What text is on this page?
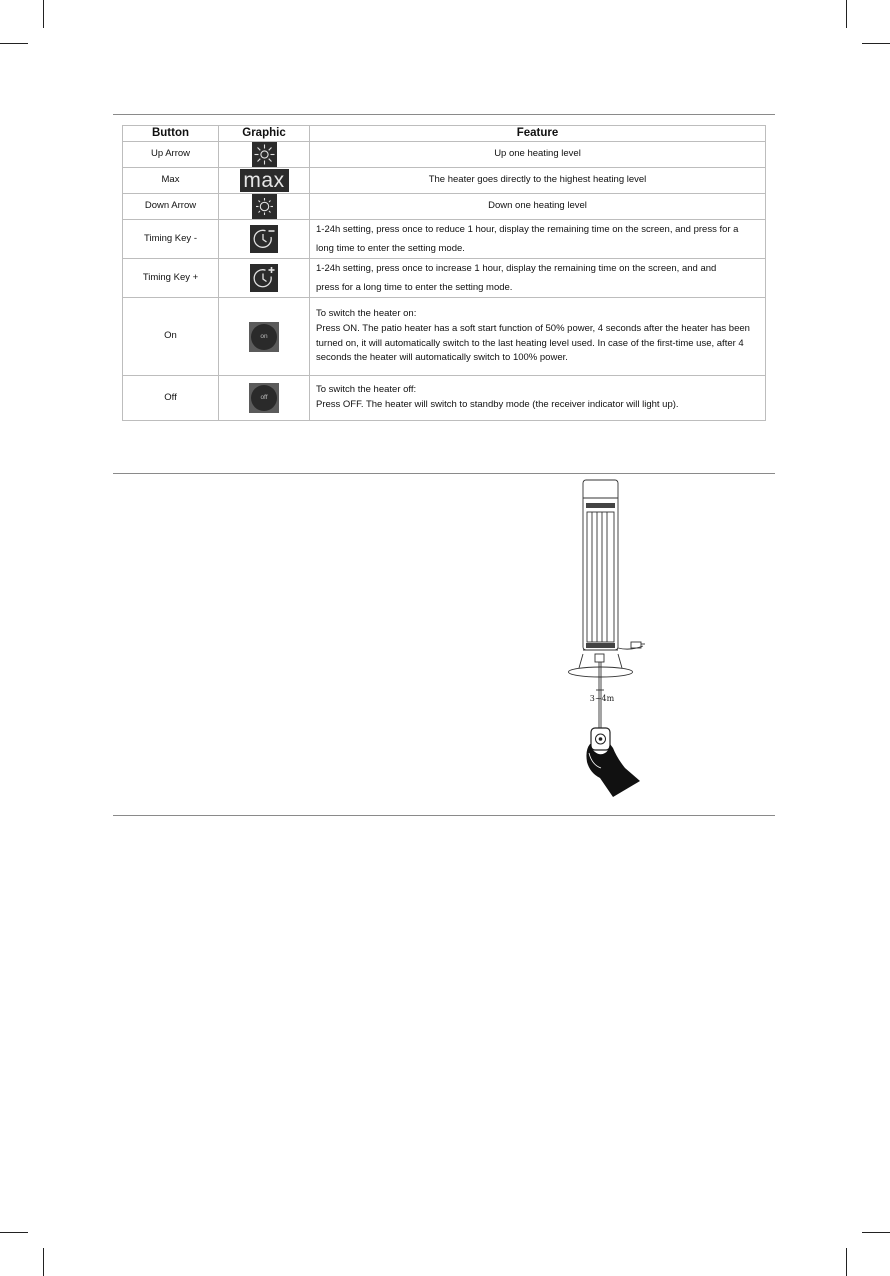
Button	Graphic	Feature
Up Arrow		Up one heating level

Max	max	The heater goes directly to the highest heating level

Down Arrow		Down one heating level

Timing Key -		1-24h setting, press once to reduce 1 hour, display the remaining time on the screen, and press for a
long time to enter the setting mode.

Timing Key +		1-24h setting, press once to increase 1 hour, display the remaining time on the screen, and and
press for a long time to enter the setting mode.

On	on	To switch the heater on:
Press ON. The patio heater has a soft start function of 50% power, 4 seconds after the heater has been turned on, it will automatically switch to the last heating level used. In case of the first-time use, after 4 seconds the heater will automatically switch to 100% power.

Off	off	To switch the heater off:
Press OFF. The heater will switch to standby mode (the receiver indicator will light up).
3~4m
